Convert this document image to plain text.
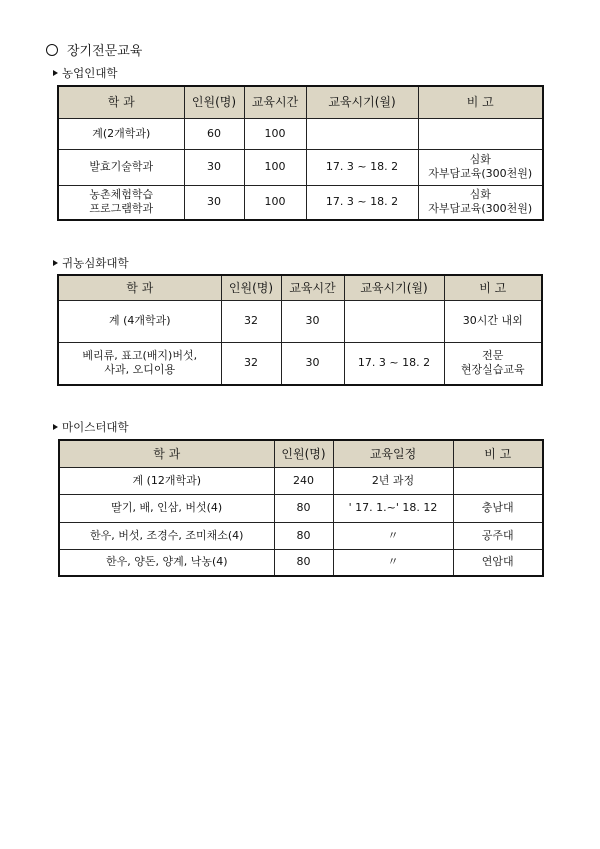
장기전문교육
농업인대학
학 과	인원(명)	교육시간	교육시기(월)	비 고
계(2개학과)	60	100		
발효기술학과	30	100	17. 3 ~ 18. 2	심화
자부담교육(300천원)
농촌체험학습
프로그램학과	30	100	17. 3 ~ 18. 2	심화
자부담교육(300천원)
귀농심화대학
학 과	인원(명)	교육시간	교육시기(월)	비 고
계 (4개학과)	32	30		30시간 내외
베리류, 표고(배지)버섯,
사과, 오디이용	32	30	17. 3 ~ 18. 2	전문
현장실습교육
마이스터대학
학 과	인원(명)	교육일정	비 고
계 (12개학과)	240	2년 과정	
딸기, 배, 인삼, 버섯(4)	80	' 17. 1.~' 18. 12	충남대
한우, 버섯, 조경수, 조미채소(4)	80	〃	공주대
한우, 양돈, 양계, 낙농(4)	80	〃	연암대
